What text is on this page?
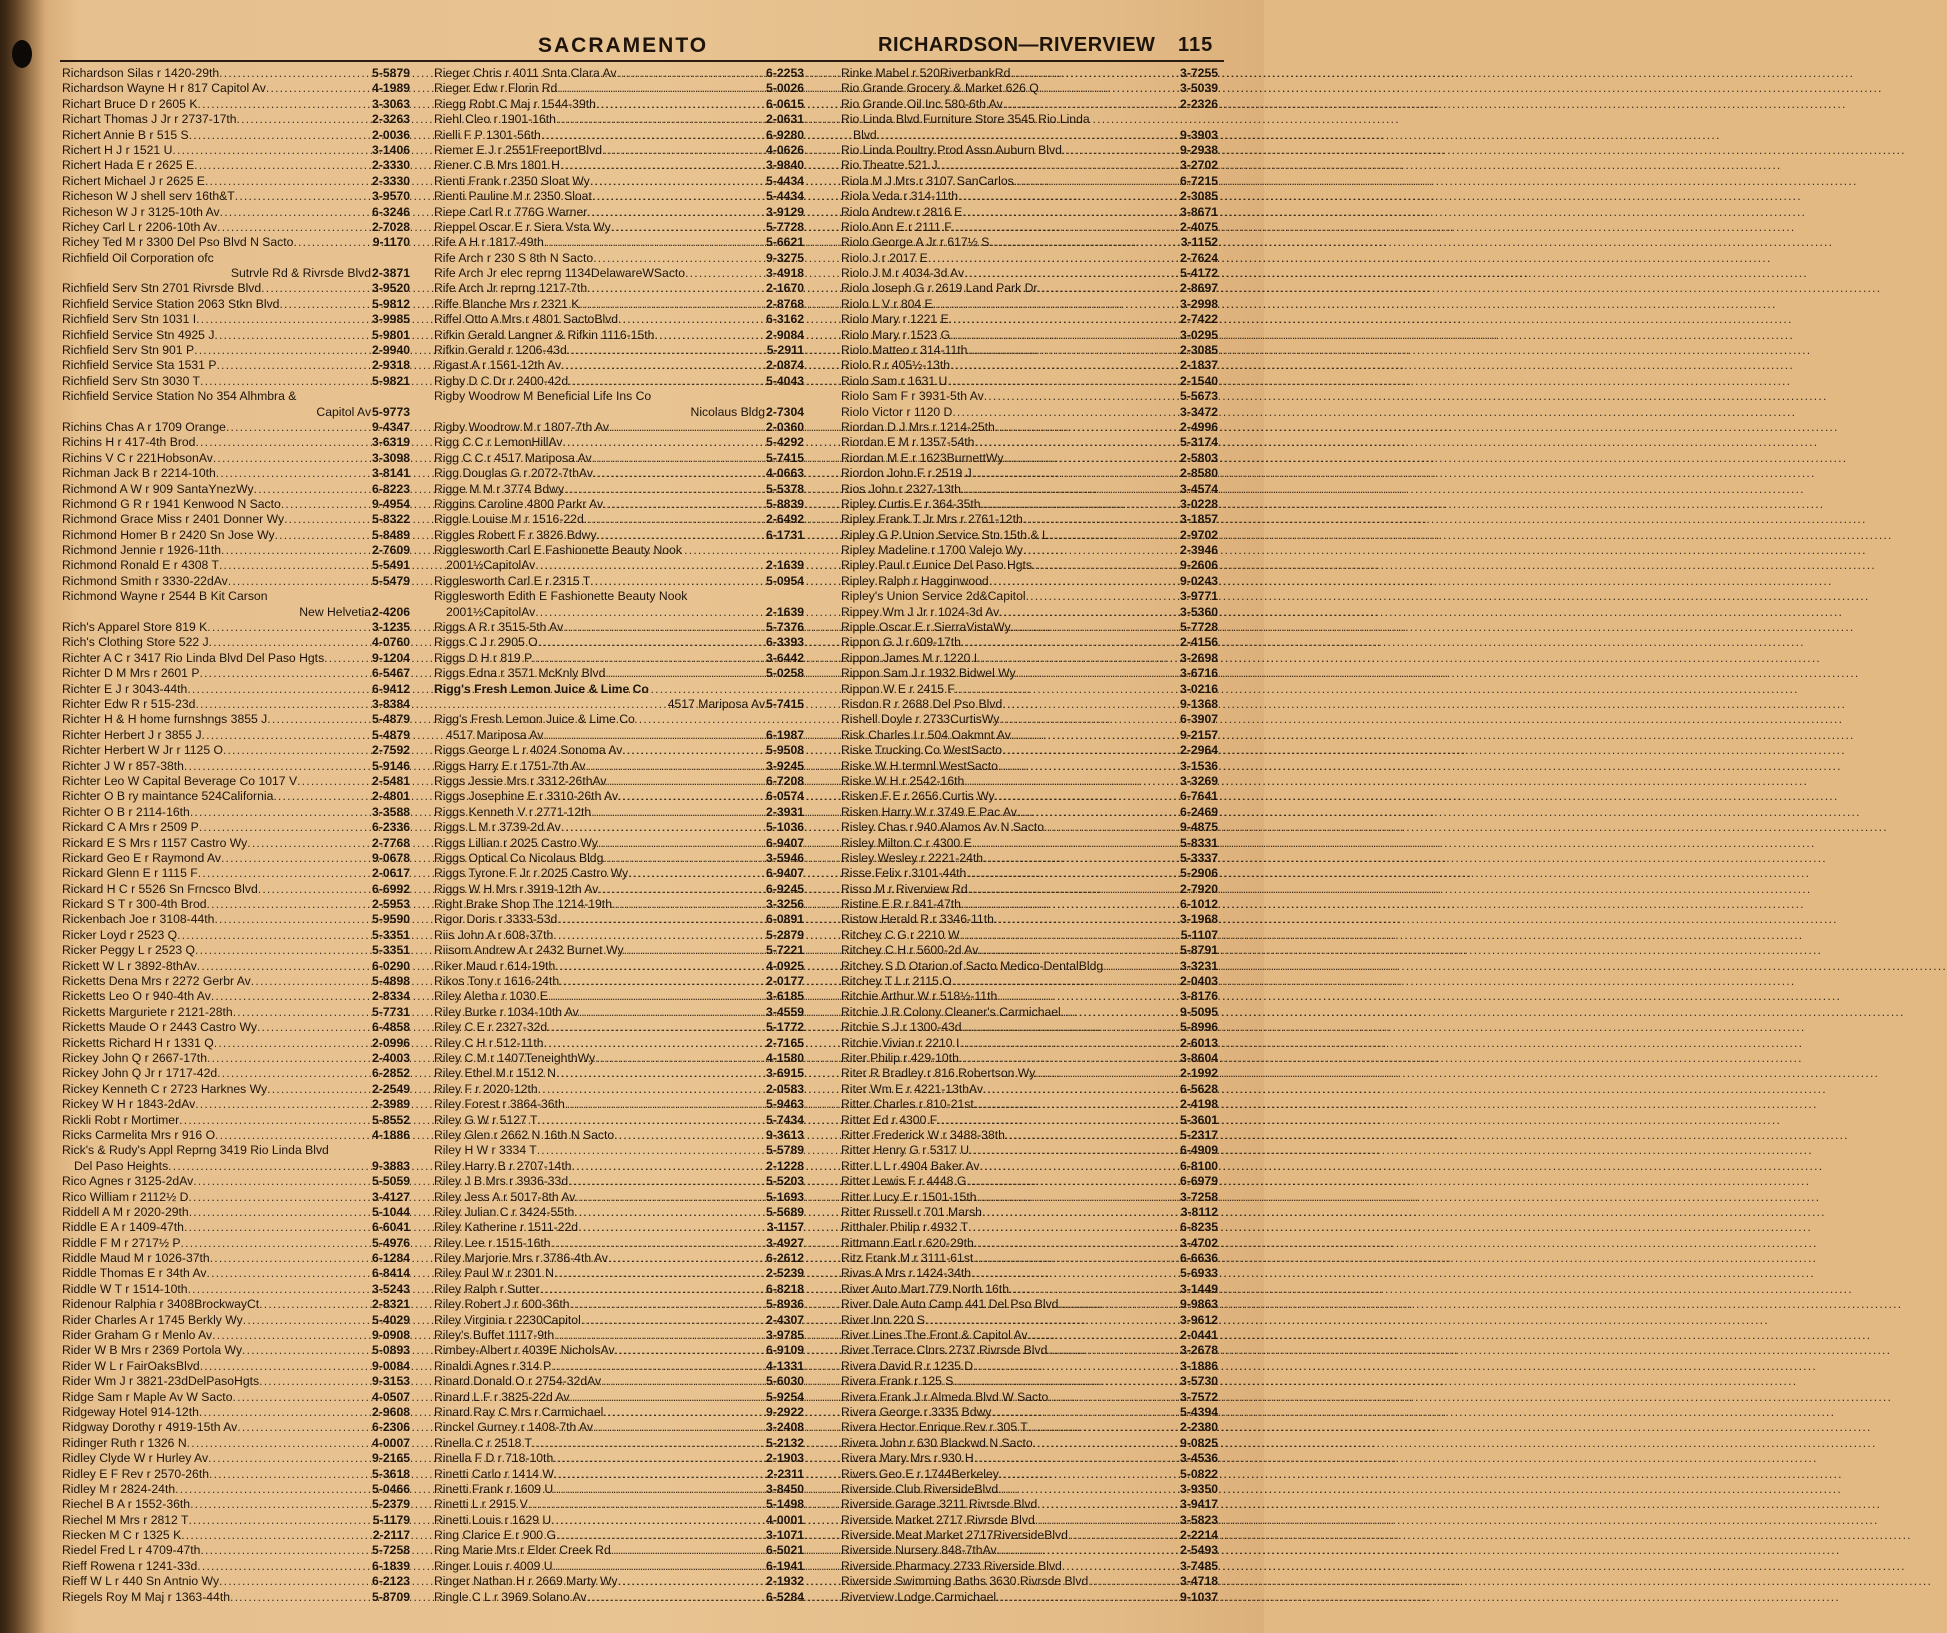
SACRAMENTO	RICHARDSON—RIVERVIEW 115
Richardson Silas r 1420-29th .....	5-5879
Richardson Wayne H r 817 Capitol Av .....	4-1989
Richart Bruce D r 2605 K .....	3-3063
Richart Thomas J Jr r 2737-17th .....	2-3263
Richert Annie B r 515 S .....	2-0036
Richert H J r 1521 U .....	3-1406
Richert Hada E r 2625 E .....	2-3330
Richert Michael J r 2625 E .....	2-3330
Richeson W J shell serv 16th&T .....	3-9570
Richeson W J r 3125-10th Av .....	6-3246
Richey Carl L r 2206-10th Av .....	2-7028
Richey Ted M r 3300 Del Pso Blvd N Sacto .....	9-1170
Richfield Oil Corporation ofc
Sutrvle Rd & Rivrsde Blvd 2-3871
Richfield Serv Stn 2701 Rivrsde Blvd .....	3-9520
Richfield Service Station 2063 Stkn Blvd .....	5-9812
Richfield Serv Stn 1031 I .....	3-9985
Richfield Service Stn 4925 J .....	5-9801
Richfield Serv Stn 901 P .....	2-9940
Richfield Service Sta 1531 P .....	2-9318
Richfield Serv Stn 3030 T .....	5-9821
Richfield Service Station No 354 Alhmbra &
Capitol Av 5-9773
Richins Chas A r 1709 Orange .....	9-4347
Richins H r 417-4th Brod .....	3-6319
Richins V C r 221HobsonAv .....	3-3098
Richman Jack B r 2214-10th .....	3-8141
Richmond A W r 909 SantaYnezWy .....	6-8223
Richmond G R r 1941 Kenwood N Sacto .....	9-4954
Richmond Grace Miss r 2401 Donner Wy .....	5-8322
Richmond Homer B r 2420 Sn Jose Wy .....	5-8489
Richmond Jennie r 1926-11th .....	2-7609
Richmond Ronald E r 4308 T .....	5-5491
Richmond Smith r 3330-22dAv .....	5-5479
Richmond Wayne r 2544 B Kit Carson
New Helvetia 2-4206
Rich's Apparel Store 819 K .....	3-1235
Rich's Clothing Store 522 J .....	4-0760
Richter A C r 3417 Rio Linda Blvd Del Paso Hgts .....	9-1204
Richter D M Mrs r 2601 P .....	6-5467
Richter E J r 3043-44th .....	6-9412
Richter Edw R r 515-23d .....	3-8384
Richter H & H home furnshngs 3855 J .....	5-4879
Richter Herbert J r 3855 J .....	5-4879
Richter Herbert W Jr r 1125 O .....	2-7592
Richter J W r 857-38th .....	5-9146
Richter Leo W Capital Beverage Co 1017 V .....	2-5481
Richter O B ry maintance 524California .....	2-4801
Richter O B r 2114-16th .....	3-3588
Rickard C A Mrs r 2509 P .....	6-2336
Rickard E S Mrs r 1157 Castro Wy .....	2-7768
Rickard Geo E r Raymond Av .....	9-0678
Rickard Glenn E r 1115 F .....	2-0617
Rickard H C r 5526 Sn Frncsco Blvd .....	6-6992
Rickard S T r 300-4th Brod .....	2-5953
Rickenbach Joe r 3108-44th .....	5-9590
Ricker Loyd r 2523 Q .....	5-3351
Ricker Peggy L r 2523 Q .....	5-3351
Rickett W L r 3892-8thAv .....	6-0290
Ricketts Dena Mrs r 2272 Gerbr Av .....	5-4898
Ricketts Leo O r 940-4th Av .....	2-8334
Ricketts Marguriete r 2121-28th .....	5-7731
Ricketts Maude O r 2443 Castro Wy .....	6-4858
Ricketts Richard H r 1331 Q .....	2-0996
Rickey John Q r 2667-17th .....	2-4003
Rickey John Q Jr r 1717-42d .....	6-2852
Rickey Kenneth C r 2723 Harknes Wy .....	2-2549
Rickey W H r 1843-2dAv .....	2-3989
Rickli Robt r Mortimer .....	5-8552
Ricks Carmelita Mrs r 916 O .....	4-1886
Rick's & Rudy's Appl Reprng 3419 Rio Linda Blvd
Del Paso Heights .....	9-3883
Rico Agnes r 3125-2dAv .....	5-5059
Rico William r 2112½ D .....	3-4127
Riddell A M r 2020-29th .....	5-1044
Riddle E A r 1409-47th .....	6-6041
Riddle F M r 2717½ P .....	5-4976
Riddle Maud M r 1026-37th .....	6-1284
Riddle Thomas E r 34th Av .....	6-8414
Riddle W T r 1514-10th .....	3-5243
Ridenour Ralphia r 3408BrockwayCt .....	2-8321
Rider Charles A r 1745 Berkly Wy .....	5-4029
Rider Graham G r Menlo Av .....	9-0908
Rider W B Mrs r 2369 Portola Wy .....	5-0893
Rider W L r FairOaksBlvd .....	9-0084
Rider Wm J r 3821-23dDelPasoHgts .....	9-3153
Ridge Sam r Maple Av W Sacto .....	4-0507
Ridgeway Hotel 914-12th .....	2-9608
Ridgway Dorothy r 4919-15th Av .....	6-2306
Ridinger Ruth r 1326 N .....	4-0007
Ridley Clyde W r Hurley Av .....	9-2165
Ridley E F Rev r 2570-26th .....	5-3618
Ridley M r 2824-24th .....	5-0466
Riechel B A r 1552-36th .....	5-2379
Riechel M Mrs r 2812 T .....	5-1179
Riecken M C r 1325 K .....	2-2117
Riedel Fred L r 4709-47th .....	5-7258
Rieff Rowena r 1241-33d .....	6-1839
Rieff W L r 440 Sn Antnio Wy .....	6-2123
Riegels Roy M Maj r 1363-44th .....	5-8709
Rieger Chris r 4011 Snta Clara Av .....	6-2253
Rieger Edw r Florin Rd .....	5-0026
Riegg Robt C Maj r 1544-39th .....	6-0615
Riehl Cleo r 1901-16th .....	2-0631
Rielli F P 1301-56th .....	6-9280
Riemer E J r 2551FreeportBlvd .....	4-0626
Riener C B Mrs 1801 H .....	3-9840
Rienti Frank r 2350 Sloat Wy .....	5-4434
Rienti Pauline M r 2350 Sloat .....	5-4434
Riepe Carl R r 776G Warner .....	3-9129
Rieppel Oscar E r Siera Vsta Wy .....	5-7728
Rife A H r 1817-49th .....	5-6621
Rife Arch r 230 S 8th N Sacto .....	9-3275
Rife Arch Jr elec reprng 1134DelawareWSacto .....	3-4918
Rife Arch Jr reprng 1217-7th .....	2-1670
Riffe Blanche Mrs r 2321 K .....	2-8768
Riffel Otto A Mrs r 4801 SactoBlvd .....	6-3162
Rifkin Gerald Langner & Rifkin 1116-15th .....	2-9084
Rifkin Gerald r 1206-43d .....	5-2911
Rigast A r 1561-12th Av .....	2-0874
Rigby D C Dr r 2400-42d .....	5-4043
Rigby Woodrow M Beneficial Life Ins Co
Nicolaus Bldg 2-7304
Rigby Woodrow M r 1807-7th Av .....	2-0360
Rigg C C r LemonHillAv .....	5-4292
Rigg C C r 4517 Mariposa Av .....	5-7415
Rigg Douglas G r 2072-7thAv .....	4-0663
Rigge M M r 3774 Bdwy .....	5-5378
Riggins Caroline 4800 Parkr Av .....	5-8839
Riggle Louise M r 1516-22d .....	2-6492
Riggles Robert F r 3826 Bdwy .....	6-1731
Rigglesworth Carl E Fashionette Beauty Nook
2001½CapitolAv .....	2-1639
Rigglesworth Carl E r 2315 T .....	5-0954
Rigglesworth Edith E Fashionette Beauty Nook
2001½CapitolAv .....	2-1639
Riggs A R r 3515-5th Av .....	5-7376
Riggs C J r 2905 O .....	6-3393
Riggs D H r 819 P .....	3-6442
Riggs Edna r 3571 McKnly Blvd .....	5-0258
Rigg's Fresh Lemon Juice & Lime Co
4517 Mariposa Av 5-7415
Rigg's Fresh Lemon Juice & Lime Co
4517 Mariposa Av .....	6-1987
Riggs George L r 4024 Sonoma Av .....	5-9508
Riggs Harry E r 1751-7th Av .....	3-9245
Riggs Jessie Mrs r 3312-26thAv .....	6-7208
Riggs Josephine E r 3310-26th Av .....	6-0574
Riggs Kenneth V r 2771-12th .....	2-3931
Riggs L M r 3739-2d Av .....	5-1036
Riggs Lillian r 2025 Castro Wy .....	6-9407
Riggs Optical Co Nicolaus Bldg .....	3-5946
Riggs Tyrone F Jr r 2025 Castro Wy .....	6-9407
Riggs W H Mrs r 3919-12th Av .....	6-9245
Right Brake Shop The 1214-19th .....	3-3256
Rigor Doris r 3333-53d .....	6-0891
Riis John A r 608-37th .....	5-2879
Riisom Andrew A r 2432 Burnet Wy .....	5-7221
Riker Maud r 614-19th .....	4-0925
Rikos Tony r 1616-24th .....	2-0177
Riley Aletha r 1030 E .....	3-6185
Riley Burke r 1034-10th Av .....	3-4559
Riley C E r 2327-32d .....	5-1772
Riley C H r 512-11th .....	2-7165
Riley C M r 1407TeneighthWy .....	4-1580
Riley Ethel M r 1512 N .....	3-6915
Riley F r 2020-12th .....	2-0583
Riley Forest r 3864-36th .....	5-9463
Riley G W r 5127 T .....	5-7434
Riley Glen r 2662 N 16th N Sacto .....	9-3613
Riley H W r 3334 T .....	5-5789
Riley Harry B r 2707-14th .....	2-1228
Riley J B Mrs r 3936-33d .....	5-5203
Riley Jess A r 5017-8th Av .....	5-1693
Riley Julian C r 3424-55th .....	5-5689
Riley Katherine r 1511-22d .....	3-1157
Riley Lee r 1515-16th .....	3-4927
Riley Marjorie Mrs r 3786-4th Av .....	6-2612
Riley Paul W r 2301 N .....	2-5239
Riley Ralph r Sutter .....	6-8218
Riley Robert J r 600-36th .....	5-8936
Riley Virginia r 2230Capitol .....	2-4307
Riley's Buffet 1117-9th .....	3-9785
Rimbey-Albert r 4039E NicholsAv .....	6-9109
Rinaldi Agnes r 314 P .....	4-1331
Rinard Donald O r 2754-32dAv .....	5-6030
Rinard L F r 3825-22d Av .....	5-9254
Rinard Ray C Mrs r Carmichael .....	9-2922
Rinckel Gurney r 1408-7th Av .....	3-2408
Rinella C r 2518 T .....	5-2132
Rinella F D r 718-10th .....	2-1903
Rinetti Carlo r 1414 W .....	2-2311
Rinetti Frank r 1609 U .....	3-8450
Rinetti L r 2915 V .....	5-1498
Rinetti Louis r 1629 U .....	4-0001
Ring Clarice E r 900 G .....	3-1071
Ring Marie Mrs r Elder Creek Rd .....	6-5021
Ringer Louis r 4009 U .....	6-1941
Ringer Nathan H r 2669 Marty Wy .....	2-1932
Ringle C L r 3969 Solano Av .....	6-5284
Rinke Mabel r 520RiverbankRd .....	3-7255
Rio Grande Grocery & Market 626 Q .....	3-5039
Rio Grande Oil Inc 580-6th Av .....	2-2326
Rio Linda Blvd Furniture Store 3545 Rio Linda
Blvd .....	9-3903
Rio Linda Poultry Prod Assn Auburn Blvd .....	9-2938
Rio Theatre 521 J .....	3-2702
Riola M J Mrs r 3107 SanCarlos .....	6-7215
Riola Veda r 314-11th .....	2-3085
Riolo Andrew r 2816 E .....	3-8671
Riolo Ann E r 2111 F .....	2-4075
Riolo George A Jr r 617½ S .....	3-1152
Riolo J r 2017 E .....	2-7624
Riolo J M r 4034-3d Av .....	5-4172
Riolo Joseph G r 2619 Land Park Dr .....	2-8697
Riolo L V r 804 E .....	3-2998
Riolo Mary r 1221 E .....	2-7422
Riolo Mary r 1523 G .....	3-0295
Riolo Matteo r 314-11th .....	2-3085
Riolo R r 405½-13th .....	2-1837
Riolo Sam r 1631 U .....	2-1540
Riolo Sam F r 3931-5th Av .....	5-5673
Riolo Victor r 1120 D .....	3-3472
Riordan D J Mrs r 1214-25th .....	2-4996
Riordan E M r 1357-54th .....	5-3174
Riordan M E r 1623BurnettWy .....	2-5803
Riordon John F r 2519 J .....	2-8580
Rios John r 2327-13th .....	3-4574
Ripley Curtis E r 364-35th .....	3-0228
Ripley Frank T Jr Mrs r 2761-12th .....	3-1857
Ripley G P Union Service Stn 15th & L .....	2-9702
Ripley Madeline r 1700 Valejo Wy .....	2-3946
Ripley Paul r Eunice Del Paso Hgts .....	9-2606
Ripley Ralph r Hagginwood .....	9-0243
Ripley's Union Service 2d&Capitol .....	3-9771
Rippey Wm J Jr r 1024-3d Av .....	3-5360
Ripple Oscar E r SierraVistaWy .....	5-7728
Rippon G J r 609-17th .....	2-4156
Rippon James M r 1220 I .....	3-2698
Rippon Sam J r 1932 Bidwel Wy .....	3-6716
Rippon W E r 2415 F .....	3-0216
Risdon R r 2688 Del Pso Blvd .....	9-1368
Rishell Doyle r 2733CurtisWy .....	6-3907
Risk Charles I r 504 Oakmnt Av .....	9-2157
Riske Trucking Co WestSacto .....	2-2964
Riske W H termnl WestSacto .....	3-1536
Riske W H r 2542-16th .....	3-3269
Risken F E r 2656 Curtis Wy .....	6-7641
Risken Harry W r 3749 E Pac Av .....	6-2469
Risley Chas r 940 Alamos Av N Sacto .....	9-4875
Risley Milton C r 4300 E .....	5-8331
Risley Wesley r 2221-24th .....	5-3337
Risse Felix r 3101-44th .....	5-2906
Risso M r Riverview Rd .....	2-7920
Ristine E R r 841-47th .....	6-1012
Ristow Herald R r 3346-11th .....	3-1968
Ritchey C G r 2210 W .....	5-1107
Ritchey C H r 5600-2d Av .....	5-8791
Ritchey S D Otarion of Sacto Medico-DentalBldg .....	3-3231
Ritchey T L r 2115 O .....	2-0403
Ritchie Arthur W r 518½-11th .....	3-8176
Ritchie J R Colony Cleaner's Carmichael .....	9-5095
Ritchie S J r 1300-43d .....	5-8996
Ritchie Vivian r 2210 I .....	2-6013
Riter Philip r 429-10th .....	3-8604
Riter R Bradley r 816 Robertson Wy .....	2-1992
Riter Wm E r 4221-13thAv .....	6-5628
Ritter Charles r 810-21st .....	2-4198
Ritter Ed r 4300 F .....	5-3601
Ritter Frederick W r 3488-38th .....	5-2317
Ritter Henry G r 5317 U .....	6-4909
Ritter L L r 4904 Baker Av .....	6-8100
Ritter Lewis F r 4448 G .....	6-6979
Ritter Lucy E r 1501-15th .....	3-7258
Ritter Russell r 701 Marsh .....	3-8112
Ritthaler Philip r 4932 T .....	6-8235
Rittmann Earl r 620-29th .....	3-4702
Ritz Frank M r 3111-61st .....	6-6636
Rivas A Mrs r 1424-34th .....	5-6933
River Auto Mart 779 North 16th .....	3-1449
River Dale Auto Camp 441 Del Pso Blvd .....	9-9863
River Inn 220 S .....	3-9612
River Lines The Front & Capitol Av .....	2-0441
River Terrace Clnrs 2737 Rivrsde Blvd .....	3-2678
Rivera David R r 1235 D .....	3-1886
Rivera Frank r 125 S .....	3-5730
Rivera Frank J r Almeda Blvd W Sacto .....	3-7572
Rivera George r 3335 Bdwy .....	5-4394
Rivera Hector Enrique Rev r 305 T .....	2-2380
Rivera John r 630 Blackwd N Sacto .....	9-0825
Rivera Mary Mrs r 930 H .....	3-4536
Rivers Geo E r 1744Berkeley .....	5-0822
Riverside Club RiversideBlvd .....	3-9350
Riverside Garage 3211 Rivrsde Blvd .....	3-9417
Riverside Market 2717 Rivrsde Blvd .....	3-5823
Riverside Meat Market 2717RiversideBlvd .....	2-2214
Riverside Nursery 848-7thAv .....	2-5493
Riverside Pharmacy 2733 Riverside Blvd .....	3-7485
Riverside Swimming Baths 3630 Rivrsde Blvd .....	3-4718
Riverview Lodge Carmichael .....	9-1037
